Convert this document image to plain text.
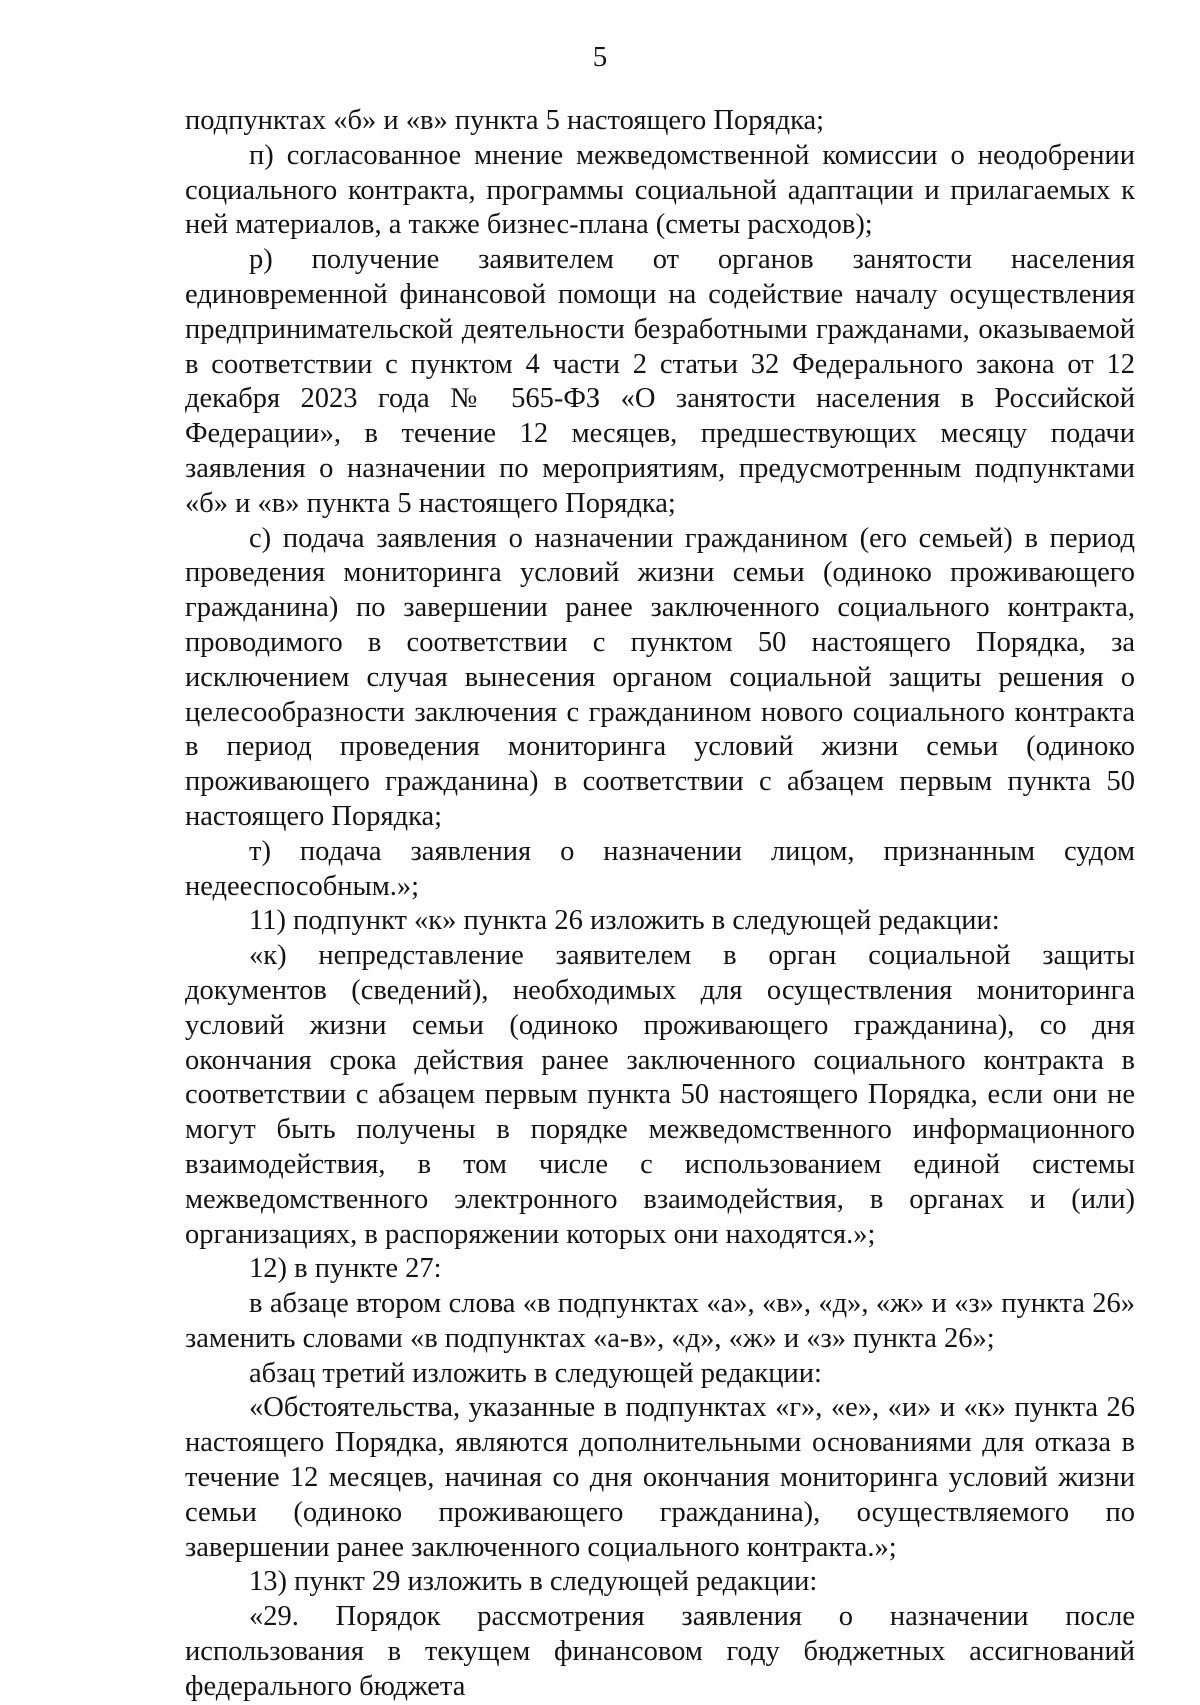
5

подпунктах «б» и «в» пункта 5 настоящего Порядка;

п) согласованное мнение межведомственной комиссии о неодобрении социального контракта, программы социальной адаптации и прилагаемых к ней материалов, а также бизнес-плана (сметы расходов);

р) получение заявителем от органов занятости населения единовременной финансовой помощи на содействие началу осуществления предпринимательской деятельности безработными гражданами, оказываемой в соответствии с пунктом 4 части 2 статьи 32 Федерального закона от 12 декабря 2023 года № 565-ФЗ «О занятости населения в Российской Федерации», в течение 12 месяцев, предшествующих месяцу подачи заявления о назначении по мероприятиям, предусмотренным подпунктами «б» и «в» пункта 5 настоящего Порядка;

с) подача заявления о назначении гражданином (его семьей) в период проведения мониторинга условий жизни семьи (одиноко проживающего гражданина) по завершении ранее заключенного социального контракта, проводимого в соответствии с пунктом 50 настоящего Порядка, за исключением случая вынесения органом социальной защиты решения о целесообразности заключения с гражданином нового социального контракта в период проведения мониторинга условий жизни семьи (одиноко проживающего гражданина) в соответствии с абзацем первым пункта 50 настоящего Порядка;

т) подача заявления о назначении лицом, признанным судом недееспособным.»;

11) подпункт «к» пункта 26 изложить в следующей редакции:

«к) непредставление заявителем в орган социальной защиты документов (сведений), необходимых для осуществления мониторинга условий жизни семьи (одиноко проживающего гражданина), со дня окончания срока действия ранее заключенного социального контракта в соответствии с абзацем первым пункта 50 настоящего Порядка, если они не могут быть получены в порядке межведомственного информационного взаимодействия, в том числе с использованием единой системы межведомственного электронного взаимодействия, в органах и (или) организациях, в распоряжении которых они находятся.»;

12) в пункте 27:

в абзаце втором слова «в подпунктах «а», «в», «д», «ж» и «з» пункта 26» заменить словами «в подпунктах «а-в», «д», «ж» и «з» пункта 26»;

абзац третий изложить в следующей редакции:

«Обстоятельства, указанные в подпунктах «г», «е», «и» и «к» пункта 26 настоящего Порядка, являются дополнительными основаниями для отказа в течение 12 месяцев, начиная со дня окончания мониторинга условий жизни семьи (одиноко проживающего гражданина), осуществляемого по завершении ранее заключенного социального контракта.»;

13) пункт 29 изложить в следующей редакции:

«29. Порядок рассмотрения заявления о назначении после использования в текущем финансовом году бюджетных ассигнований федерального бюджета
